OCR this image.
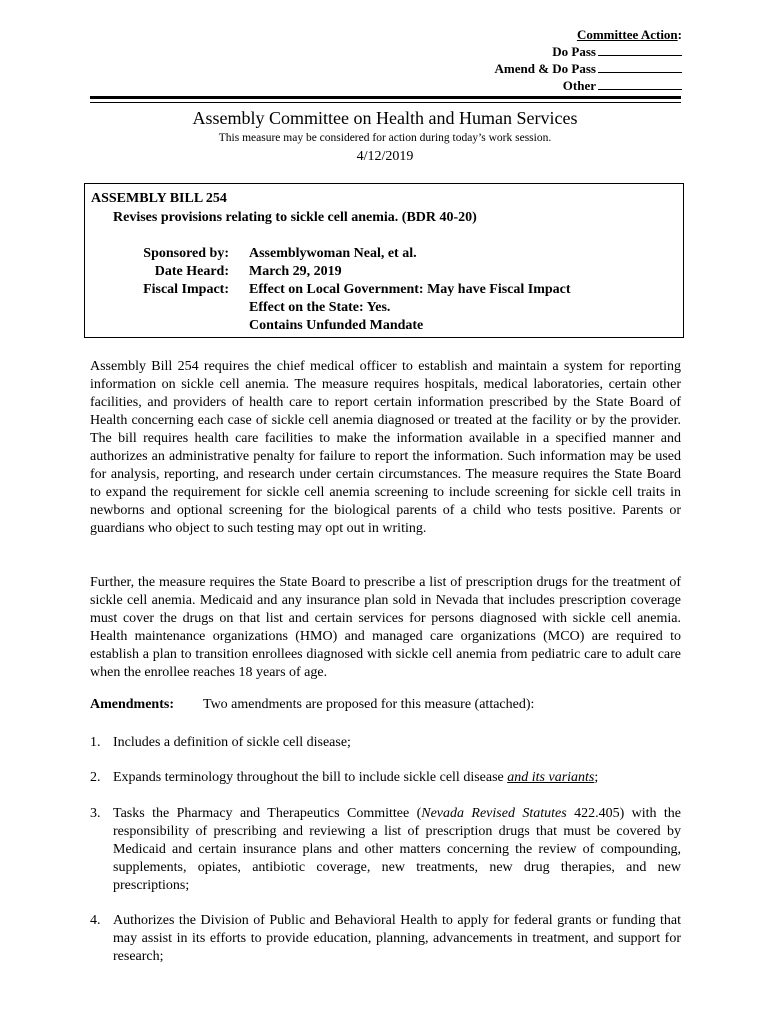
Committee Action:
Do Pass
Amend & Do Pass
Other
Assembly Committee on Health and Human Services
This measure may be considered for action during today’s work session.
4/12/2019
ASSEMBLY BILL 254
Revises provisions relating to sickle cell anemia. (BDR 40-20)
Sponsored by: Assemblywoman Neal, et al.
Date Heard: March 29, 2019
Fiscal Impact: Effect on Local Government: May have Fiscal Impact
Effect on the State: Yes.
Contains Unfunded Mandate
Assembly Bill 254 requires the chief medical officer to establish and maintain a system for reporting information on sickle cell anemia. The measure requires hospitals, medical laboratories, certain other facilities, and providers of health care to report certain information prescribed by the State Board of Health concerning each case of sickle cell anemia diagnosed or treated at the facility or by the provider. The bill requires health care facilities to make the information available in a specified manner and authorizes an administrative penalty for failure to report the information. Such information may be used for analysis, reporting, and research under certain circumstances. The measure requires the State Board to expand the requirement for sickle cell anemia screening to include screening for sickle cell traits in newborns and optional screening for the biological parents of a child who tests positive. Parents or guardians who object to such testing may opt out in writing.
Further, the measure requires the State Board to prescribe a list of prescription drugs for the treatment of sickle cell anemia. Medicaid and any insurance plan sold in Nevada that includes prescription coverage must cover the drugs on that list and certain services for persons diagnosed with sickle cell anemia. Health maintenance organizations (HMO) and managed care organizations (MCO) are required to establish a plan to transition enrollees diagnosed with sickle cell anemia from pediatric care to adult care when the enrollee reaches 18 years of age.
Amendments: Two amendments are proposed for this measure (attached):
1. Includes a definition of sickle cell disease;
2. Expands terminology throughout the bill to include sickle cell disease and its variants;
3. Tasks the Pharmacy and Therapeutics Committee (Nevada Revised Statutes 422.405) with the responsibility of prescribing and reviewing a list of prescription drugs that must be covered by Medicaid and certain insurance plans and other matters concerning the review of compounding, supplements, opiates, antibiotic coverage, new treatments, new drug therapies, and new prescriptions;
4. Authorizes the Division of Public and Behavioral Health to apply for federal grants or funding that may assist in its efforts to provide education, planning, advancements in treatment, and support for research;
